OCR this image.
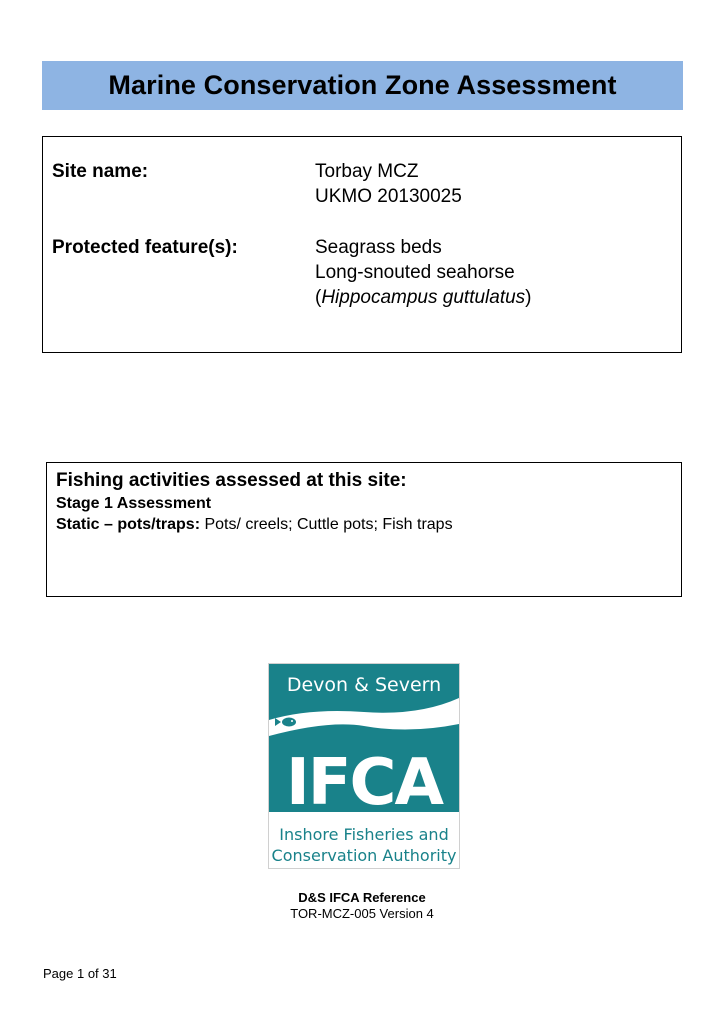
Marine Conservation Zone Assessment
Site name:	Torbay MCZ
UKMO 20130025
Protected feature(s):	Seagrass beds
Long-snouted seahorse
(Hippocampus guttulatus)
Fishing activities assessed at this site:
Stage 1 Assessment
Static – pots/traps: Pots/ creels; Cuttle pots; Fish traps
Devon & Severn
IFCA
Inshore Fisheries and
Conservation Authority
D&S IFCA Reference
TOR-MCZ-005 Version 4
Page 1 of 31
